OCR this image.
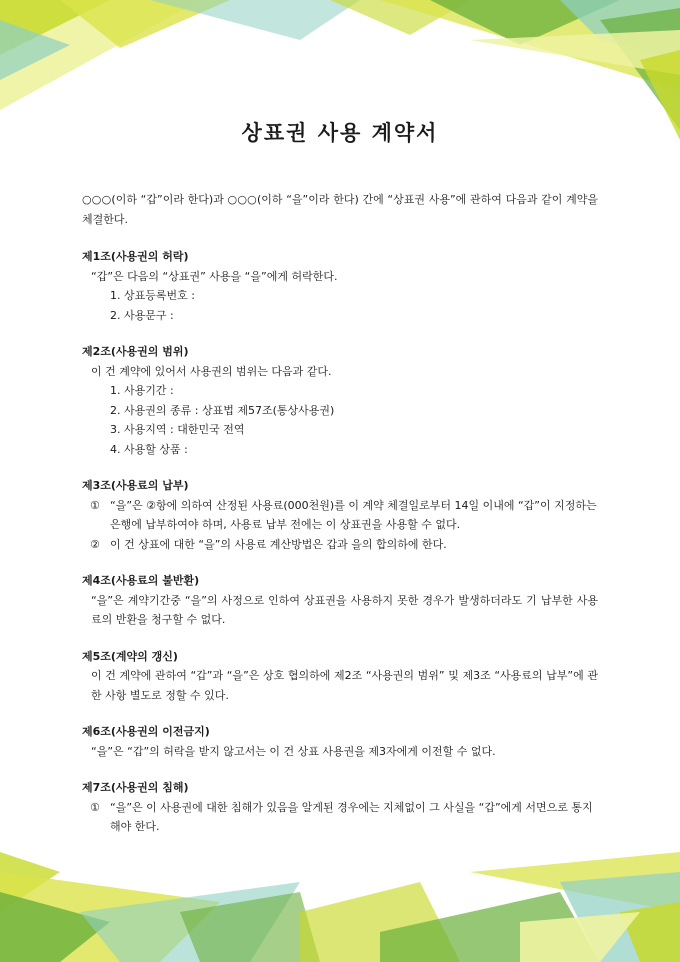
상표권 사용 계약서
○○○(이하 “갑”이라 한다)과 ○○○(이하 “을”이라 한다) 간에 “상표권 사용”에 관하여 다음과 같이 계약을 체결한다.
제1조(사용권의 허락)
“갑”은 다음의 “상표권” 사용을 “을”에게 허락한다.
1. 상표등록번호 :
2. 사용문구 :
제2조(사용권의 범위)
이 건 계약에 있어서 사용권의 범위는 다음과 같다.
1. 사용기간 :
2. 사용권의 종류 : 상표법 제57조(통상사용권)
3. 사용지역 : 대한민국 전역
4. 사용할 상품 :
제3조(사용료의 납부)
① “을”은 ②항에 의하여 산정된 사용료(000천원)를 이 계약 체결일로부터 14일 이내에 “갑”이 지정하는 은행에 납부하여야 하며, 사용료 납부 전에는 이 상표권을 사용할 수 없다.
② 이 건 상표에 대한 “을”의 사용료 계산방법은 갑과 을의 합의하에 한다.
제4조(사용료의 불반환)
“을”은 계약기간중 “을”의 사정으로 인하여 상표권을 사용하지 못한 경우가 발생하더라도 기 납부한 사용료의 반환을 청구할 수 없다.
제5조(계약의 갱신)
이 건 계약에 관하여 “갑”과 “을”은 상호 협의하에 제2조 “사용권의 범위” 및 제3조 “사용료의 납부”에 관한 사항 별도로 정할 수 있다.
제6조(사용권의 이전금지)
“을”은 “갑”의 허락을 받지 않고서는 이 건 상표 사용권을 제3자에게 이전할 수 없다.
제7조(사용권의 침해)
① “을”은 이 사용권에 대한 침해가 있음을 알게된 경우에는 지체없이 그 사실을 “갑”에게 서면으로 통지해야 한다.
